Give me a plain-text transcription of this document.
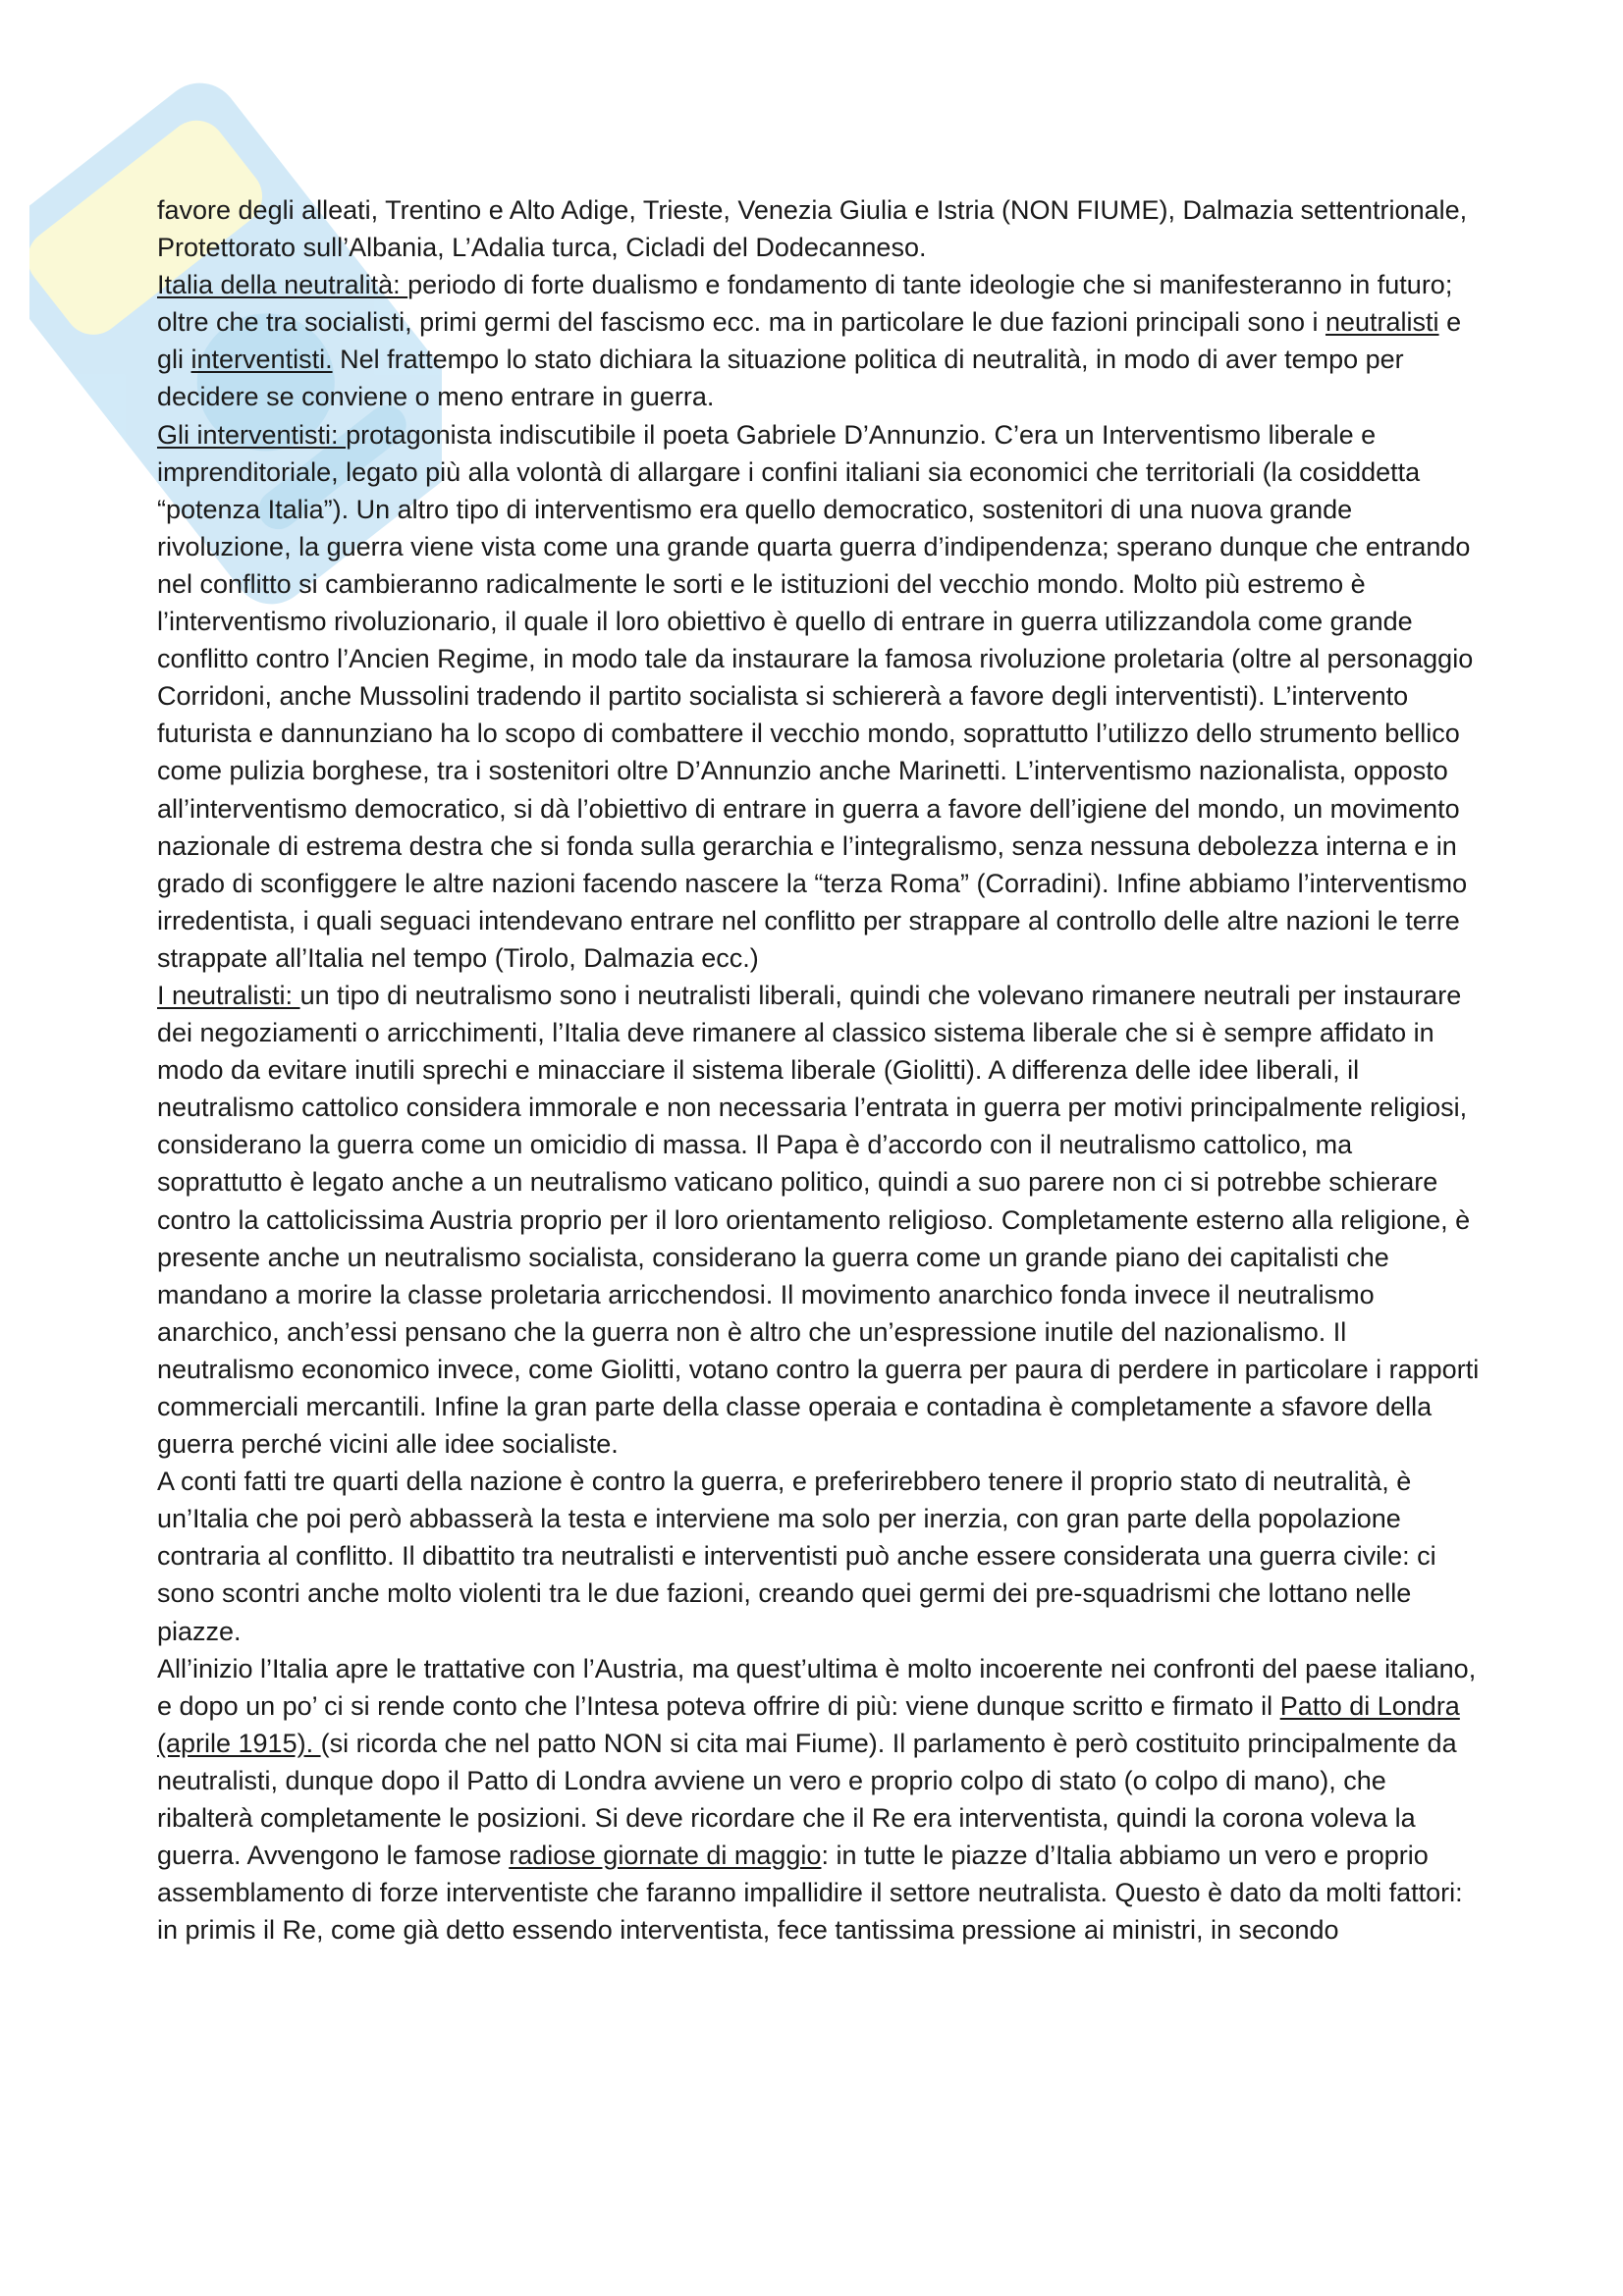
favore degli alleati, Trentino e Alto Adige, Trieste, Venezia Giulia e Istria (NON FIUME), Dalmazia settentrionale, Protettorato sull’Albania, L’Adalia turca, Cicladi del Dodecanneso.

Italia della neutralità: periodo di forte dualismo e fondamento di tante ideologie che si manifesteranno in futuro; oltre che tra socialisti, primi germi del fascismo ecc. ma in particolare le due fazioni principali sono i neutralisti e gli interventisti. Nel frattempo lo stato dichiara la situazione politica di neutralità, in modo di aver tempo per decidere se conviene o meno entrare in guerra.

Gli interventisti: protagonista indiscutibile il poeta Gabriele D’Annunzio. C’era un Interventismo liberale e imprenditoriale, legato più alla volontà di allargare i confini italiani sia economici che territoriali (la cosiddetta “potenza Italia”). Un altro tipo di interventismo era quello democratico, sostenitori di una nuova grande rivoluzione, la guerra viene vista come una grande quarta guerra d’indipendenza; sperano dunque che entrando nel conflitto si cambieranno radicalmente le sorti e le istituzioni del vecchio mondo. Molto più estremo è l’interventismo rivoluzionario, il quale il loro obiettivo è quello di entrare in guerra utilizzandola come grande conflitto contro l’Ancien Regime, in modo tale da instaurare la famosa rivoluzione proletaria (oltre al personaggio Corridoni, anche Mussolini tradendo il partito socialista si schiererà a favore degli interventisti). L’intervento futurista e dannunziano ha lo scopo di combattere il vecchio mondo, soprattutto l’utilizzo dello strumento bellico come pulizia borghese, tra i sostenitori oltre D’Annunzio anche Marinetti. L’interventismo nazionalista, opposto all’interventismo democratico, si dà l’obiettivo di entrare in guerra a favore dell’igiene del mondo, un movimento nazionale di estrema destra che si fonda sulla gerarchia e l’integralismo, senza nessuna debolezza interna e in grado di sconfiggere le altre nazioni facendo nascere la “terza Roma” (Corradini). Infine abbiamo l’interventismo irredentista, i quali seguaci intendevano entrare nel conflitto per strappare al controllo delle altre nazioni le terre strappate all’Italia nel tempo (Tirolo, Dalmazia ecc.)

I neutralisti: un tipo di neutralismo sono i neutralisti liberali, quindi che volevano rimanere neutrali per instaurare dei negoziamenti o arricchimenti, l’Italia deve rimanere al classico sistema liberale che si è sempre affidato in modo da evitare inutili sprechi e minacciare il sistema liberale (Giolitti). A differenza delle idee liberali, il neutralismo cattolico considera immorale e non necessaria l’entrata in guerra per motivi principalmente religiosi, considerano la guerra come un omicidio di massa. Il Papa è d’accordo con il neutralismo cattolico, ma soprattutto è legato anche a un neutralismo vaticano politico, quindi a suo parere non ci si potrebbe schierare contro la cattolicissima Austria proprio per il loro orientamento religioso. Completamente esterno alla religione, è presente anche un neutralismo socialista, considerano la guerra come un grande piano dei capitalisti che mandano a morire la classe proletaria arricchendosi. Il movimento anarchico fonda invece il neutralismo anarchico, anch’essi pensano che la guerra non è altro che un’espressione inutile del nazionalismo. Il neutralismo economico invece, come Giolitti, votano contro la guerra per paura di perdere in particolare i rapporti commerciali mercantili. Infine la gran parte della classe operaia e contadina è completamente a sfavore della guerra perché vicini alle idee socialiste.

A conti fatti tre quarti della nazione è contro la guerra, e preferirebbero tenere il proprio stato di neutralità, è un’Italia che poi però abbasserà la testa e interviene ma solo per inerzia, con gran parte della popolazione contraria al conflitto. Il dibattito tra neutralisti e interventisti può anche essere considerata una guerra civile: ci sono scontri anche molto violenti tra le due fazioni, creando quei germi dei pre-squadrismi che lottano nelle piazze.

All’inizio l’Italia apre le trattative con l’Austria, ma quest’ultima è molto incoerente nei confronti del paese italiano, e dopo un po’ ci si rende conto che l’Intesa poteva offrire di più: viene dunque scritto e firmato il Patto di Londra (aprile 1915). (si ricorda che nel patto NON si cita mai Fiume). Il parlamento è però costituito principalmente da neutralisti, dunque dopo il Patto di Londra avviene un vero e proprio colpo di stato (o colpo di mano), che ribalterà completamente le posizioni. Si deve ricordare che il Re era interventista, quindi la corona voleva la guerra. Avvengono le famose radiose giornate di maggio: in tutte le piazze d’Italia abbiamo un vero e proprio assemblamento di forze interventiste che faranno impallidire il settore neutralista. Questo è dato da molti fattori: in primis il Re, come già detto essendo interventista, fece tantissima pressione ai ministri, in secondo
